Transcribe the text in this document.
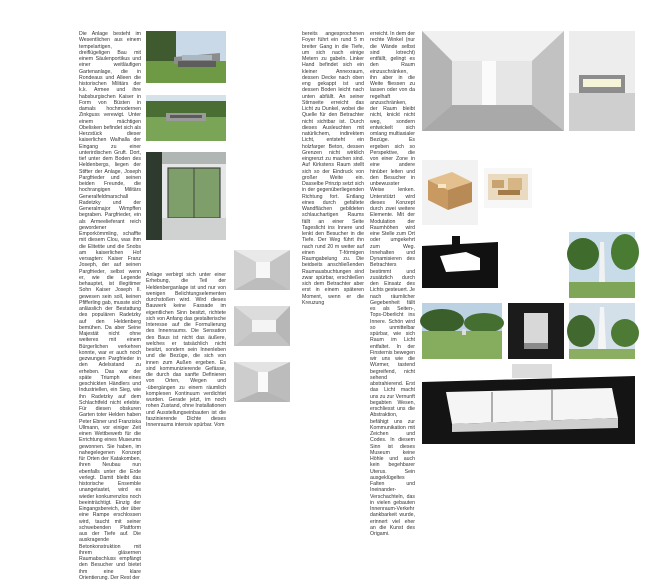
Die Anlage besteht im Wesentlichen aus einem tempelartigen, dreiflügeligen Bau mit einem Säulenportikus und einer weitläufigen Gartenanlage, die in Rondeaus und Alleen die historischen Militärs der k.k. Armee und ihre habsburgischen Kaiser in Form von Büsten in damals hochmodernen Zinkguss verewigt. Unter einem mächtigen Obelisken befindet sich als Herzstück dieser kaiserlichen Walhalla der Eingang zu einer unterirdischen Gruft. Dort, tief unter dem Boden des Heldenbergs, liegen der Stifter der Anlage, Joseph Pargfrieder und seinen beiden Freunde, die hochrangigen Militärs Generalfeldmarschall Radetzky und der Generalmajor Wimpffen begraben. Pargfrieder, ein als Armeelieferant reich gewordener Emporkömmling, schaffte mit diesem Clou, was ihm die Elitetite und die Snobs am kaiserlichen Hof versagten: Kaiser Franz Joseph, der auf seinen Pargfrieder, selbst wenn er, wie die Legende behauptet, ist illegitimer Sohn Kaiser Joseph II. gewesen sein soll, keinen Pfifferling gab, musste sich anlässlich der Bestattung des populären Radetzky auf den Heldenberg bemühen. Da aber Seine Majestät nicht ohne weiteres mit einem Bürgerlichen verkehren konnte, war er auch noch gezwungen Pargfrieder in den Adelsstand zu erheben. Das war der späte Triumph eines geschickten Händlers und Industriellen, ein Sieg, wie ihn Radetzky auf dem Schlachtfeld nicht erlebte. Für diesen obskuren Garten toter Helden haben Peter Ebner und Franziska Ullmann, vor einiger Zeit einen Wettbewerb für die Errichtung eines Museums gewonnen. Sie haben, im nahegelegenen Konzept für Orten der Katakomben, ihren Neubau nun ebenfalls unter die Erde verlegt. Damit bleibt das historische Ensemble unangetastet, wird es wieder konkurrenzlos noch beeinträchtigt. Einzig der Eingangsbereich, der über eine Rampe erschlossen wird, taucht mit seiner schwebenden Plattform aus der Tiefe auf. Die auskragende Betonkonstruktion mit ihrem gläsernen Raumabschluss empfängt den Besucher und bietet ihm eine klare Orientierung. Der Rest der
Anlage verbirgt sich unter einer Erhebung, die Teil der Heldenberganlage ist und nur von wenigen Belichtungselementen durchstoßen wird. Wird dieses Bauwerk keine Fassade im eigentlichen Sinn besitzt, richtete sich von Anfang das gestalterische Interesse auf die Formulierung des Innenraums. Die Sensation des Baus ist nicht das äußere, welches er tatsächlich nicht besitzt, sondern sein Innenleben und die Bezüge, die sich von innen zum Außen ergeben. Es sind kommunizierende Gefässe, die durch das sanfte Definieren von Orten, Wegen und -übergängen zu einem räumlich komplexen Kontinuum verdichtet wurden. Gerade jetzt, im noch rohen Zustand, ohne Installationen und Ausstellungseinbauten ist die faszinierende Dichte dieses Innenraums intensiv spürbar. Vom
bereits angesprochenen Foyer führt ein rund 5 m breiter Gang in die Tiefe, um sich nach einige Metern zu gabeln. Linker Hand befindet sich ein kleiner Annexraum, dessen Decke nach oben eng gekappt ist und dessen Boden leicht nach unten abfällt. An seiner Stirnseite erreicht das Licht zu Dunkel, wobei die Quelle für den Betrachter nicht sichtbar ist. Durch dieses Ausleuchten mit natürlichem, indirektem Licht, entsteht ein holzfarger Beton, dessen Grenzen nicht wirklich eingrenzt zu machen sind. Auf Kirkstens Raum stellt sich so der Eindruck von großer Weite ein. Dasselbe Prinzip setzt sich in der gegenüberliegenden Richtung fort. Entlang eines durch gefaltete Wandflächen gebildeten schlauchartigen Raums fällt an einer Seite Tageslicht ins Innere und lenkt den Besucher in die Tiefe. Der Weg führt ihn nach rund 20 m weiter auf einen T-förmigen Raumgabelung zu. Die beidseits anschließenden Raumausbuchtungen sind zwar spürbar, erschließen sich dem Betrachter aber erst in einem späteren Moment, wenn er die Kreuzung
erreicht. In dem der rechte Winkel (nur die Wände selbst sind lotrecht) entfällt, gelingt es den Raum einzuschränken, ihn aber in die Weite fliessen zu lassen oder von da regelhaft anzuschränken, der Raum bleibt nicht, knickt nicht weg, sondern entwickelt sich omlang multiaxialer Bezüge. Es ergeben sich so Perspektive, die von einer Zone in eine andere hinüber leiten und den Besucher in unbewusster Weise lenken. Unterstützt wird dieses Konzept durch zwei weitere Elemente. Mit der Modulation der Raumhöhen wird eine Stelle zum Ort oder umgekehrt zum Weg. Innehalten und Dynamisieren des Betrachters bestimmt und zusätzlich durch den Einsatz des Lichts gesteuert. Je nach räumlicher Gegebenheit fällt es als Seiten-, Tops-Oberlicht ins Innere. Schön wird so unmittelbar spürbar, wie sich Raum im Licht entfaltet. In der Finsternis bewegen wir uns wie die Würmer, tastend begreifend, nicht sehend abstrahierend. Erst das Licht macht uns zu zur Vernunft begabten Wesen, erschliesst uns die Abstraktion, befähigt uns zur Kommunikation mit Zeichen und Codes. In diesem Sinn ist dieses Museum keine Höhle und auch kein begehbarer Uterus. Sein ausgeklügeltes Falten und Ineinander-Verschachteln, das in vielen gebauten Innenraum-Verkehr dankbarkeit wurde, erinnert viel eher an die Kunst des Origami.
